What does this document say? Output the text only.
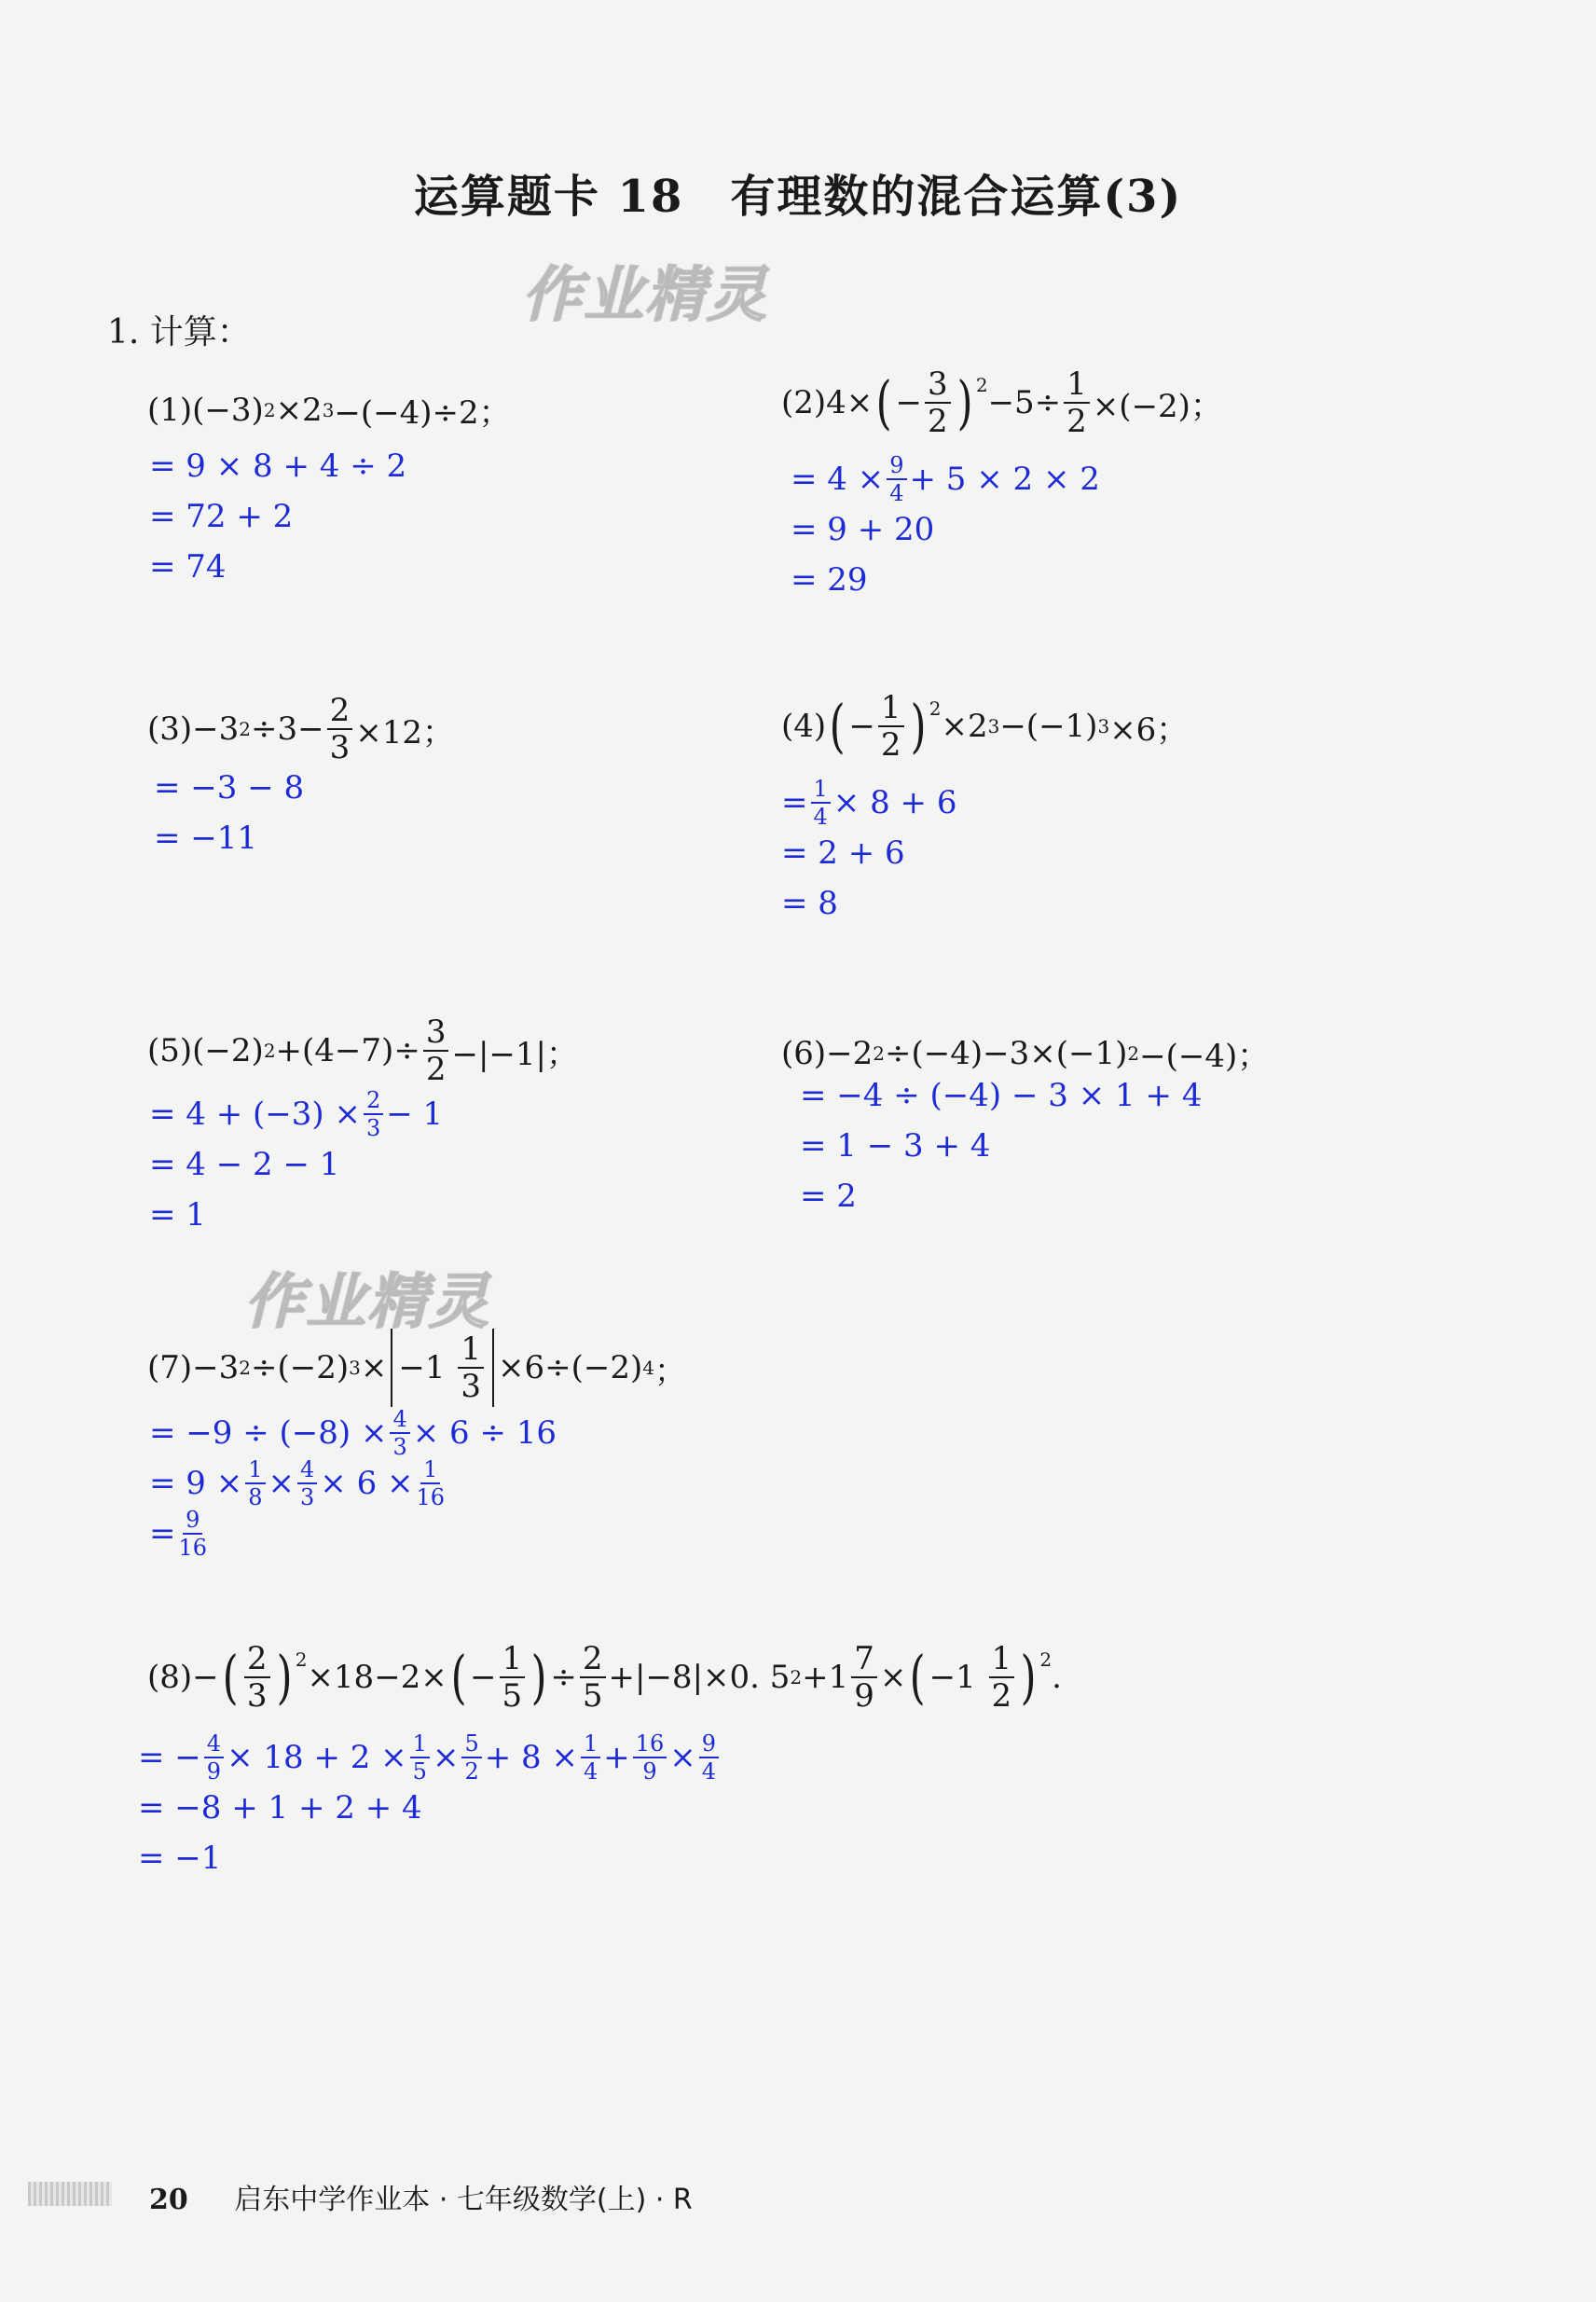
运算题卡 18　有理数的混合运算(3)
作业精灵
作业精灵
1. 计算：
(1) (−3) 2 ×2 3 −(−4)÷2；
= 9 × 8 + 4 ÷ 2
= 72 + 2
= 74
(2)4× ( − $\frac{3}{2} )^2 -5\div \frac{1}{2} \times(-2)$；
= $4 \times \frac{9}{4} + 5 \times 2 \times 2$
= 9 + 20
= 29
(3)−3 $2 \div 3- \frac{2}{3} \times 12$；
= −3 − 8
= −11
(4) ( − $\frac{1}{2} )^2 \times 2$ 3 −(−1) 3 ×6；
= $\frac{1}{4} \times 8 + 6$
= 2 + 6
= 8
(5)(−2) $2 +(4-7)\div \frac{3}{2} -|-1|$；
= $4 + (-3) \times \frac{2}{3} - 1$
= 4 − 2 − 1
= 1
(6)−2 2 ÷(−4)−3×(−1) 2 −(−4)；
= −4 ÷ (−4) − 3 × 1 + 4
= 1 − 3 + 4
= 2
(7)−3 2 ÷(−2) 3 × −1
$\frac{1}{3} \times 6\div(-2)$ 4 ；
= $-9 \div (-8) \times \frac{4}{3} \times 6 \div 16$
= $9 \times \frac{1}{8} \times \frac{4}{3} \times 6 \times \frac{1}{16}$
= $\frac{9}{16}$
(8)− ( $\frac{2}{3} )^2 \times 18-2\times$ ( − $\frac{1}{5}$ ) ÷ $\frac{2}{5} +|-8|\times 0$. 5 $2 +1 \frac{7}{9}$ × ( −1
$\frac{1}{2} )^2$ .
= − $\frac{4}{9} \times 18 + 2 \times \frac{1}{5} \times \frac{5}{2} + 8 \times \frac{1}{4} + \frac{16}{9} \times \frac{9}{4}$
= −8 + 1 + 2 + 4
= −1
20 启东中学作业本 · 七年级数学(上) · R
